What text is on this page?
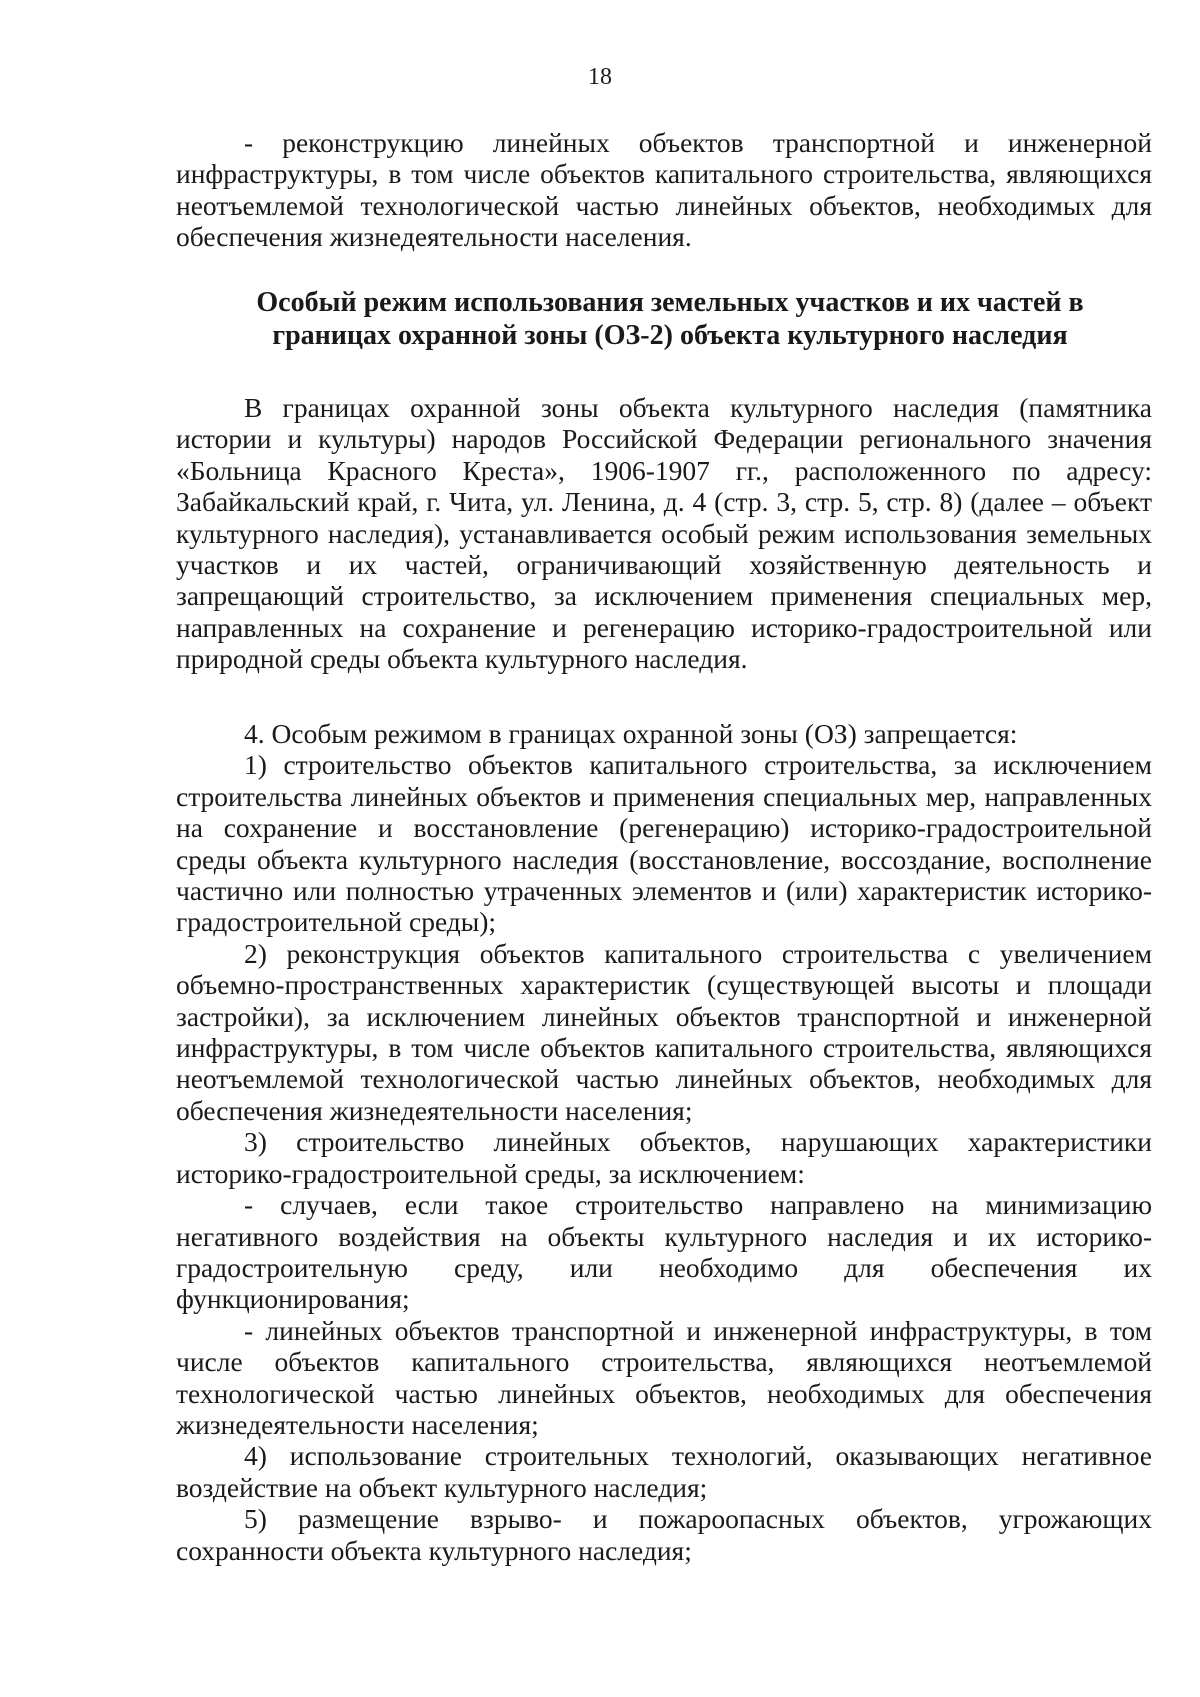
18

- реконструкцию линейных объектов транспортной и инженерной инфраструктуры, в том числе объектов капитального строительства, являющихся неотъемлемой технологической частью линейных объектов, необходимых для обеспечения жизнедеятельности населения.

Особый режим использования земельных участков и их частей в
границах охранной зоны (ОЗ-2) объекта культурного наследия

В границах охранной зоны объекта культурного наследия (памятника истории и культуры) народов Российской Федерации регионального значения «Больница Красного Креста», 1906-1907 гг., расположенного по адресу: Забайкальский край, г. Чита, ул. Ленина, д. 4 (стр. 3, стр. 5, стр. 8) (далее – объект культурного наследия), устанавливается особый режим использования земельных участков и их частей, ограничивающий хозяйственную деятельность и запрещающий строительство, за исключением применения специальных мер, направленных на сохранение и регенерацию историко-градостроительной или природной среды объекта культурного наследия.

4. Особым режимом в границах охранной зоны (ОЗ) запрещается:

1) строительство объектов капитального строительства, за исключением строительства линейных объектов и применения специальных мер, направленных на сохранение и восстановление (регенерацию) историко-градостроительной среды объекта культурного наследия (восстановление, воссоздание, восполнение частично или полностью утраченных элементов и (или) характеристик историко-градостроительной среды);

2) реконструкция объектов капитального строительства с увеличением объемно-пространственных характеристик (существующей высоты и площади застройки), за исключением линейных объектов транспортной и инженерной инфраструктуры, в том числе объектов капитального строительства, являющихся неотъемлемой технологической частью линейных объектов, необходимых для обеспечения жизнедеятельности населения;

3) строительство линейных объектов, нарушающих характеристики историко-градостроительной среды, за исключением:

- случаев, если такое строительство направлено на минимизацию негативного воздействия на объекты культурного наследия и их историко-градостроительную среду, или необходимо для обеспечения их функционирования;

- линейных объектов транспортной и инженерной инфраструктуры, в том числе объектов капитального строительства, являющихся неотъемлемой технологической частью линейных объектов, необходимых для обеспечения жизнедеятельности населения;

4) использование строительных технологий, оказывающих негативное воздействие на объект культурного наследия;

5) размещение взрыво- и пожароопасных объектов, угрожающих сохранности объекта культурного наследия;
